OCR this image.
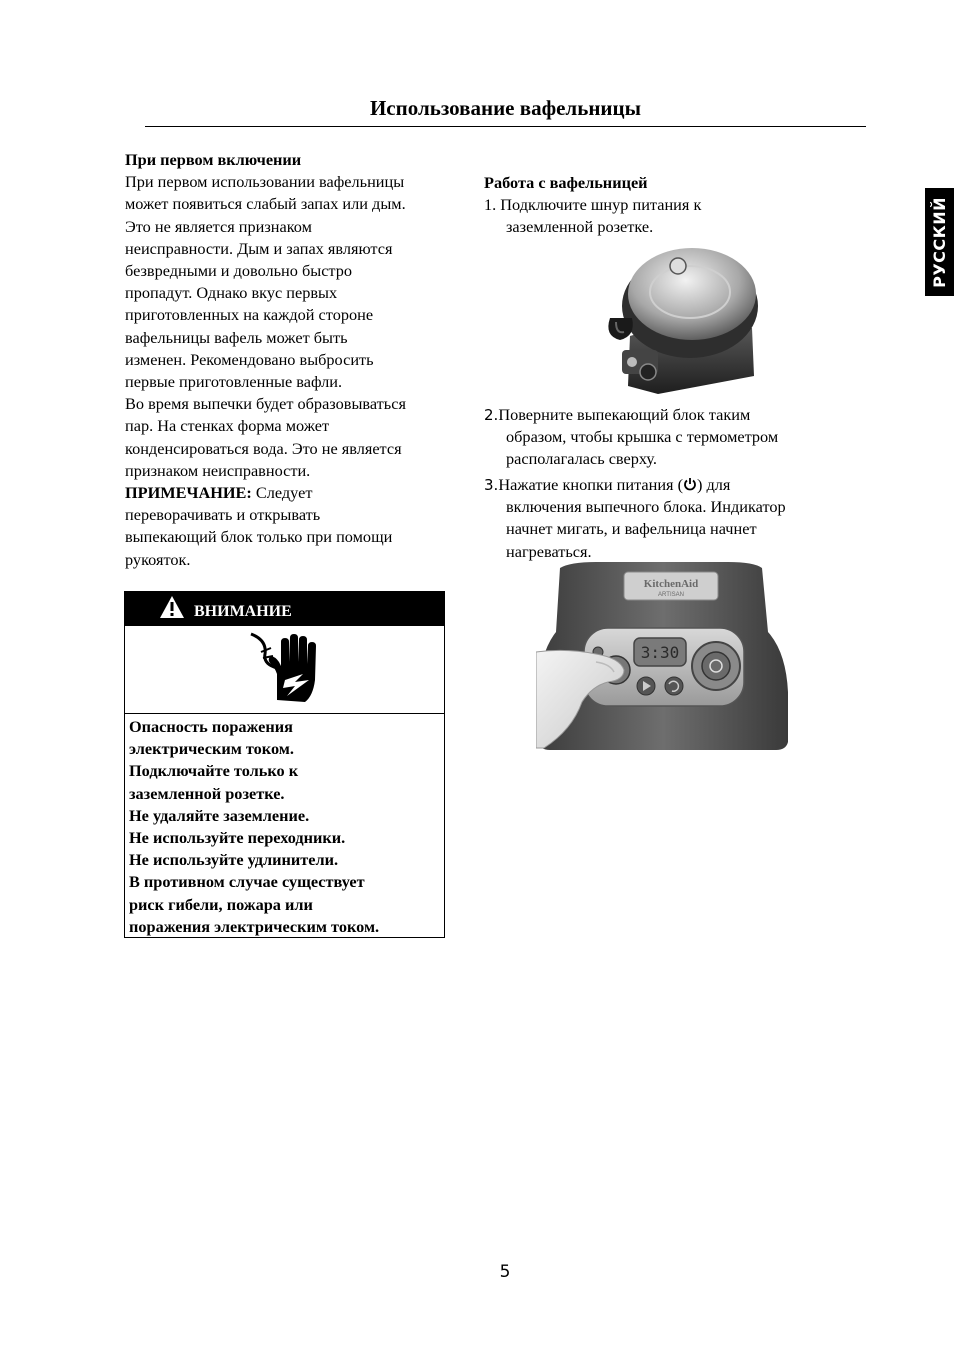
Использование вафельницы
РУССКИЙ

При первом включении

При первом использовании вафельницы

может появиться слабый запах или дым.

Это не является признаком

неисправности. Дым и запах являются

безвредными и довольно быстро

пропадут. Однако вкус первых

приготовленных на каждой стороне

вафельницы вафель может быть

изменен. Рекомендовано выбросить

первые приготовленные вафли.

Во время выпечки будет образовываться

пар. На стенках форма может

конденсироваться вода. Это не является

признаком неисправности.

ПРИМЕЧАНИЕ: Следует

переворачивать и открывать

выпекающий блок только при помощи

рукояток.

ВНИМАНИЕ
Опасность поражения
электрическим током.
Подключайте только к
заземленной розетке.
Не удаляйте заземление.
Не используйте переходники.
Не используйте удлинители.
В противном случае существует
риск гибели, пожара или
поражения электрическим током.
Работа с вафельницей
1. Подключите шнур питания к
заземленной розетке.
2.Поверните выпекающий блок таким
образом, чтобы крышка с термометром
располагалась сверху.
3.Нажатие кнопки питания ( ) для
включения выпечного блока. Индикатор
начнет мигать, и вафельница начнет
нагреваться.
KitchenAid
ARTISAN
3:30
5
